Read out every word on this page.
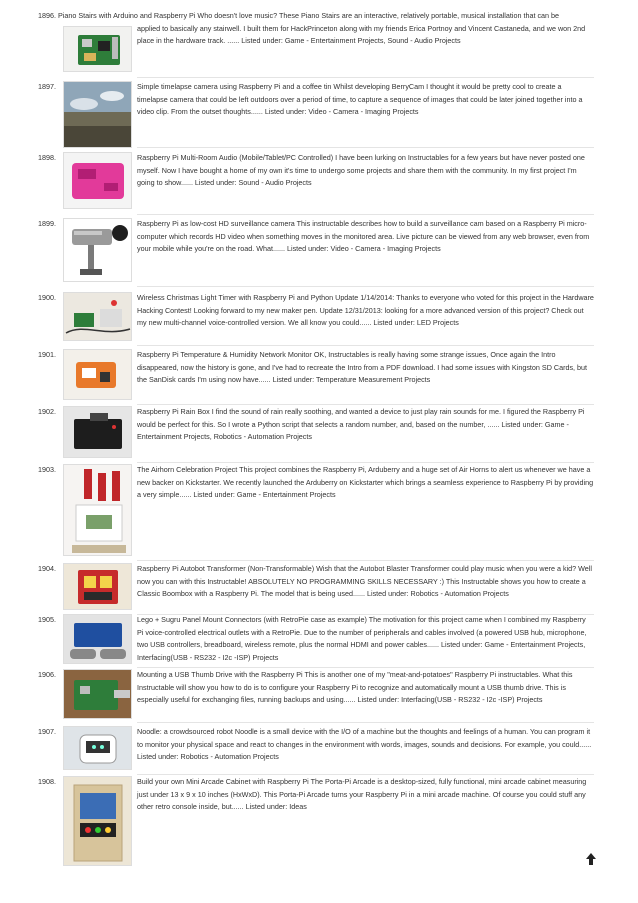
1896. Piano Stairs with Arduino and Raspberry Pi Who doesn't love music? These Piano Stairs are an interactive, relatively portable, musical installation that can be
applied to basically any stairwell. I built them for HackPrinceton along with my friends Erica Portnoy and Vincent Castaneda, and we won 2nd place in the hardware track. ...... Listed under: Game - Entertainment Projects, Sound - Audio Projects
1897.	Simple timelapse camera using Raspberry Pi and a coffee tin Whilst developing BerryCam I thought it would be pretty cool to create a timelapse camera that could be left outdoors over a period of time, to capture a sequence of images that could be later joined together into a video clip. From the outset thoughts...... Listed under: Video - Camera - Imaging Projects
1898.	Raspberry Pi Multi-Room Audio (Mobile/Tablet/PC Controlled) I have been lurking on Instructables for a few years but have never posted one myself. Now I have bought a home of my own it's time to undergo some projects and share them with the community. In my first project I'm going to show...... Listed under: Sound - Audio Projects
1899.	Raspberry Pi as low-cost HD surveillance camera This instructable describes how to build a surveillance cam based on a Raspberry Pi micro-computer which records HD video when something moves in the monitored area. Live picture can be viewed from any web browser, even from your mobile while you're on the road. What...... Listed under: Video - Camera - Imaging Projects
1900.	Wireless Christmas Light Timer with Raspberry Pi and Python Update 1/14/2014: Thanks to everyone who voted for this project in the Hardware Hacking Contest! Looking forward to my new maker pen. Update 12/31/2013: looking for a more advanced version of this project? Check out my new multi-channel voice-controlled version. We all know you could...... Listed under: LED Projects
1901.	Raspberry Pi Temperature & Humidity Network Monitor OK, Instructables is really having some strange issues, Once again the Intro disappeared, now the history is gone, and I've had to recreate the Intro from a PDF download. I had some issues with Kingston SD Cards, but the SanDisk cards I'm using now have...... Listed under: Temperature Measurement Projects
1902.	Raspberry Pi Rain Box I find the sound of rain really soothing, and wanted a device to just play rain sounds for me. I figured the Raspberry Pi would be perfect for this. So I wrote a Python script that selects a random number, and, based on the number, ...... Listed under: Game - Entertainment Projects, Robotics - Automation Projects
1903.	The Airhorn Celebration Project This project combines the Raspberry Pi, Arduberry and a huge set of Air Horns to alert us whenever we have a new backer on Kickstarter. We recently launched the Arduberry on Kickstarter which brings a seamless experience to Raspberry Pi by providing a very simple...... Listed under: Game - Entertainment Projects
1904.	Raspberry Pi Autobot Transformer (Non-Transformable) Wish that the Autobot Blaster Transformer could play music when you were a kid? Well now you can with this Instructable! ABSOLUTELY NO PROGRAMMING SKILLS NECESSARY :) This Instructable shows you how to create a Classic Boombox with a Raspberry Pi. The model that is being used...... Listed under: Robotics - Automation Projects
1905.	Lego + Sugru Panel Mount Connectors (with RetroPie case as example) The motivation for this project came when I combined my Raspberry Pi voice-controlled electrical outlets with a RetroPie. Due to the number of peripherals and cables involved (a powered USB hub, microphone, two USB controllers, breadboard, wireless remote, plus the normal HDMI and power cables...... Listed under: Game - Entertainment Projects, Interfacing(USB - RS232 - I2c -ISP) Projects
1906.	Mounting a USB Thumb Drive with the Raspberry Pi This is another one of my "meat-and-potatoes" Raspberry Pi instructables. What this Instructable will show you how to do is to configure your Raspberry Pi to recognize and automatically mount a USB thumb drive. This is especially useful for exchanging files, running backups and using...... Listed under: Interfacing(USB - RS232 - I2c -ISP) Projects
1907.	Noodle: a crowdsourced robot Noodle is a small device with the I/O of a machine but the thoughts and feelings of a human. You can program it to monitor your physical space and react to changes in the environment with words, images, sounds and decisions. For example, you could...... Listed under: Robotics - Automation Projects
1908.	Build your own Mini Arcade Cabinet with Raspberry Pi The Porta-Pi Arcade is a desktop-sized, fully functional, mini arcade cabinet measuring just under 13 x 9 x 10 inches (HxWxD). This Porta-Pi Arcade turns your Raspberry Pi in a mini arcade machine. Of course you could stuff any other retro console inside, but...... Listed under: Ideas
